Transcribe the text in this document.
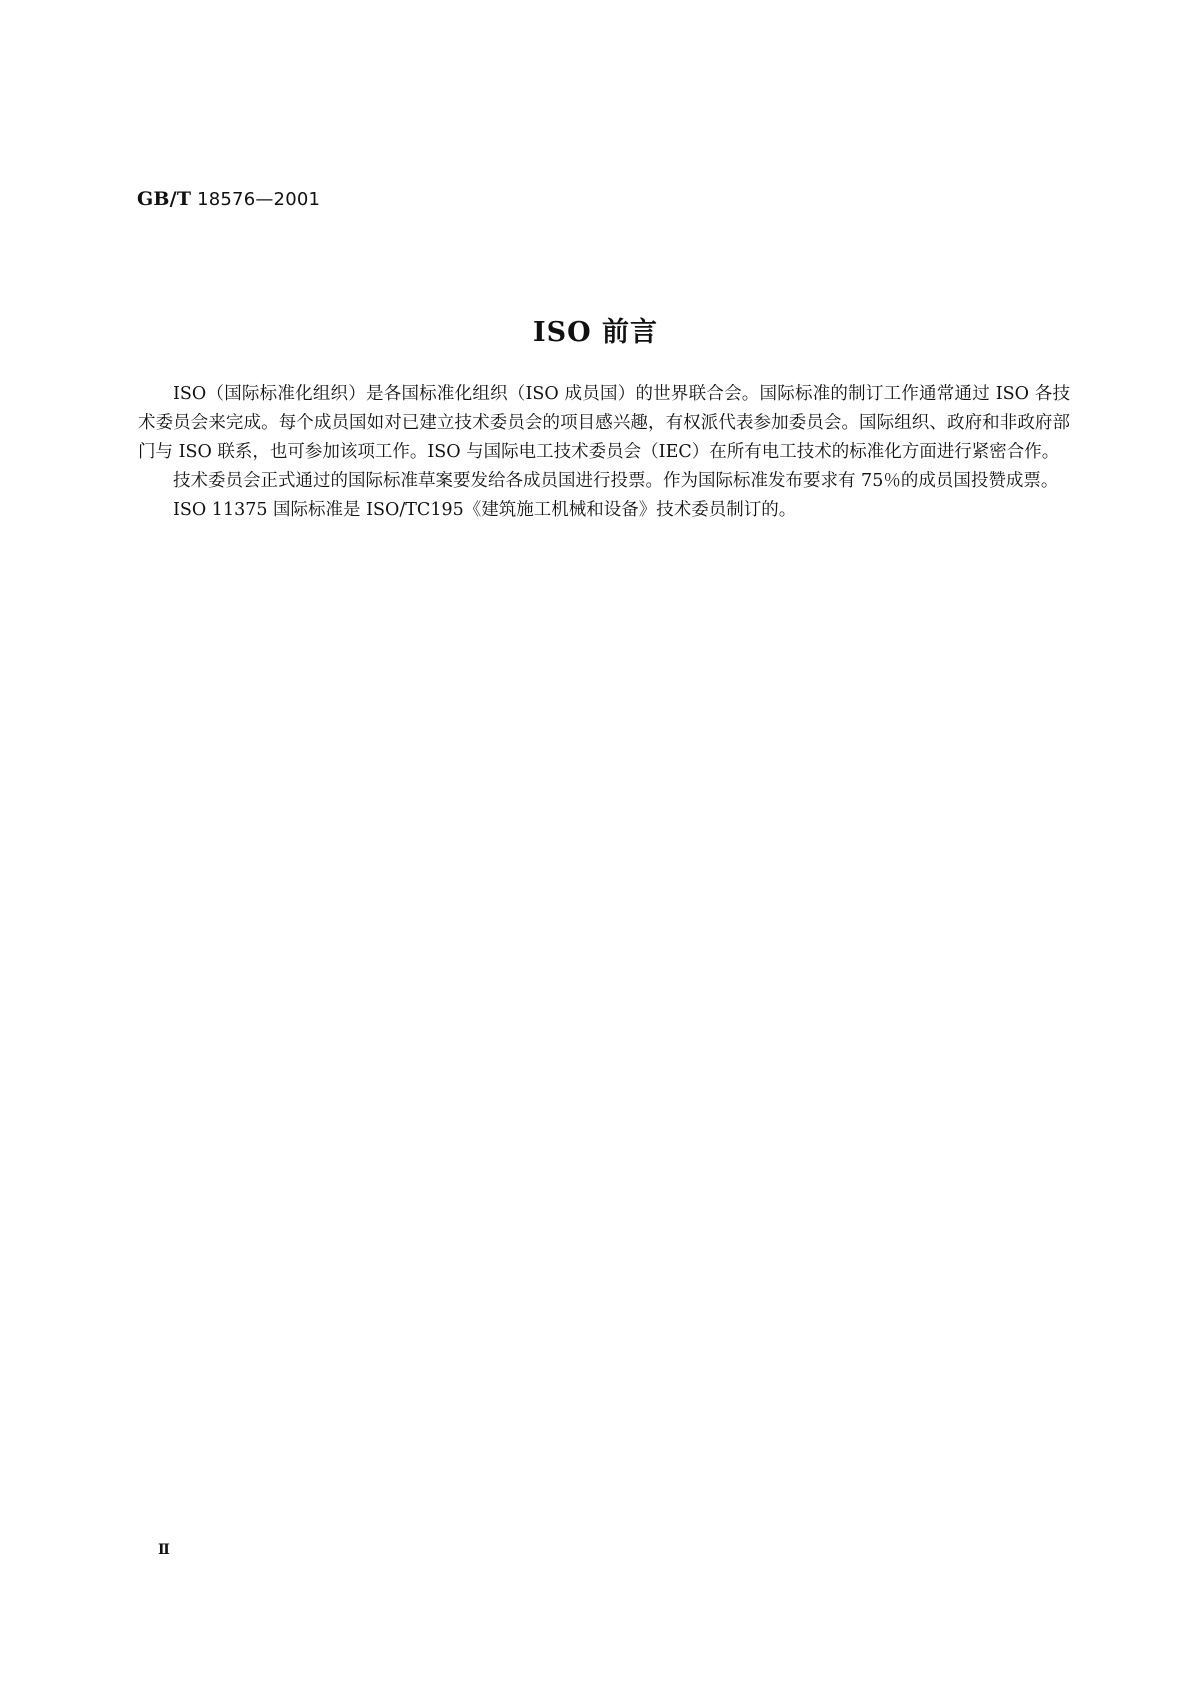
GB/T 18576—2001
ISO 前言

ISO（国际标准化组织）是各国标准化组织（ISO 成员国）的世界联合会。国际标准的制订工作通常通过 ISO 各技术委员会来完成。每个成员国如对已建立技术委员会的项目感兴趣，有权派代表参加委员会。国际组织、政府和非政府部门与 ISO 联系，也可参加该项工作。ISO 与国际电工技术委员会（IEC）在所有电工技术的标准化方面进行紧密合作。

技术委员会正式通过的国际标准草案要发给各成员国进行投票。作为国际标准发布要求有 75％的成员国投赞成票。

ISO 11375 国际标准是 ISO/TC195《建筑施工机械和设备》技术委员制订的。

Ⅱ
